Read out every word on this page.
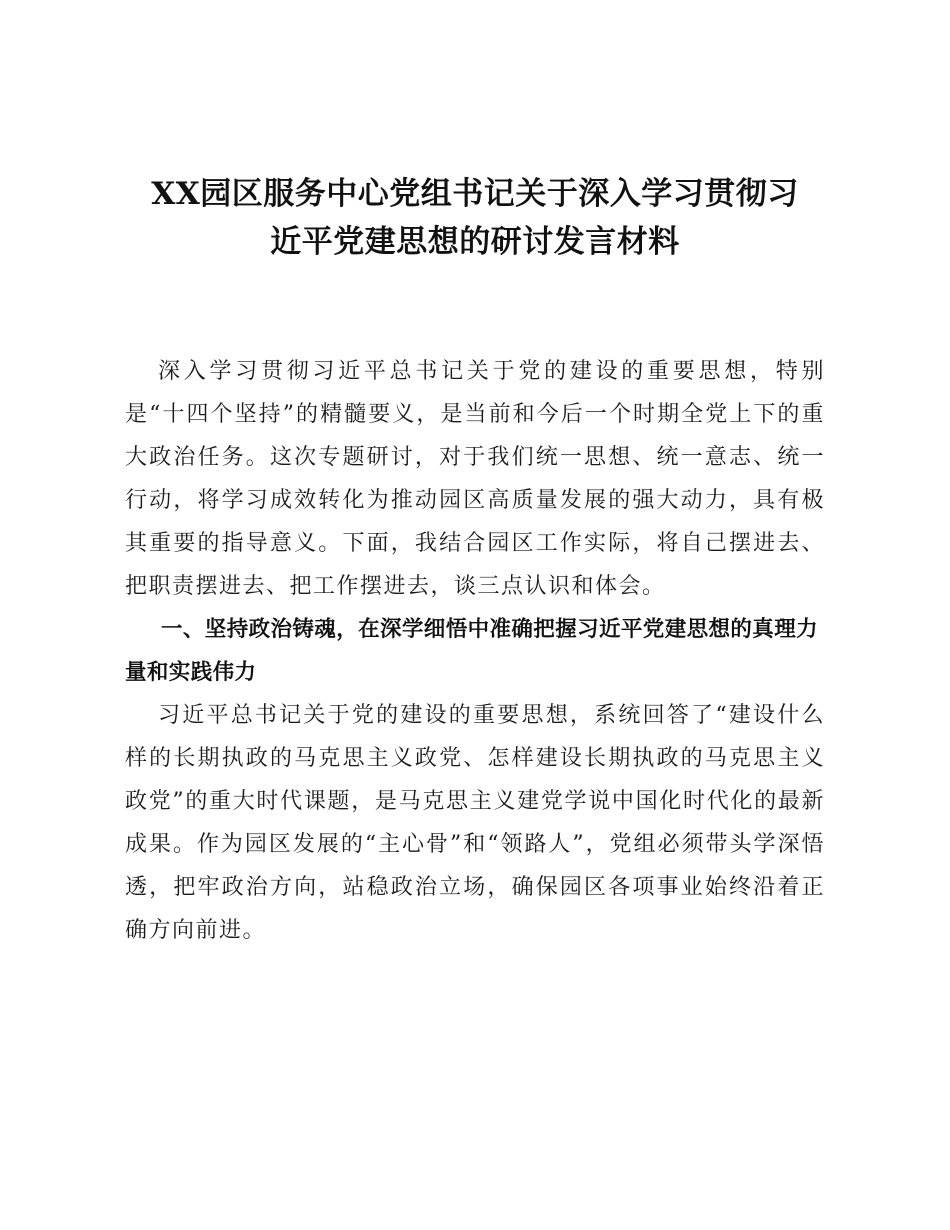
XX园区服务中心党组书记关于深入学习贯彻习
近平党建思想的研讨发言材料

深入学习贯彻习近平总书记关于党的建设的重要思想，特别是“十四个坚持”的精髓要义，是当前和今后一个时期全党上下的重大政治任务。这次专题研讨，对于我们统一思想、统一意志、统一行动，将学习成效转化为推动园区高质量发展的强大动力，具有极其重要的指导意义。下面，我结合园区工作实际，将自己摆进去、把职责摆进去、把工作摆进去，谈三点认识和体会。

一、坚持政治铸魂，在深学细悟中准确把握习近平党建思想的真理力量和实践伟力

习近平总书记关于党的建设的重要思想，系统回答了“建设什么样的长期执政的马克思主义政党、怎样建设长期执政的马克思主义政党”的重大时代课题，是马克思主义建党学说中国化时代化的最新成果。作为园区发展的“主心骨”和“领路人”，党组必须带头学深悟透，把牢政治方向，站稳政治立场，确保园区各项事业始终沿着正确方向前进。
